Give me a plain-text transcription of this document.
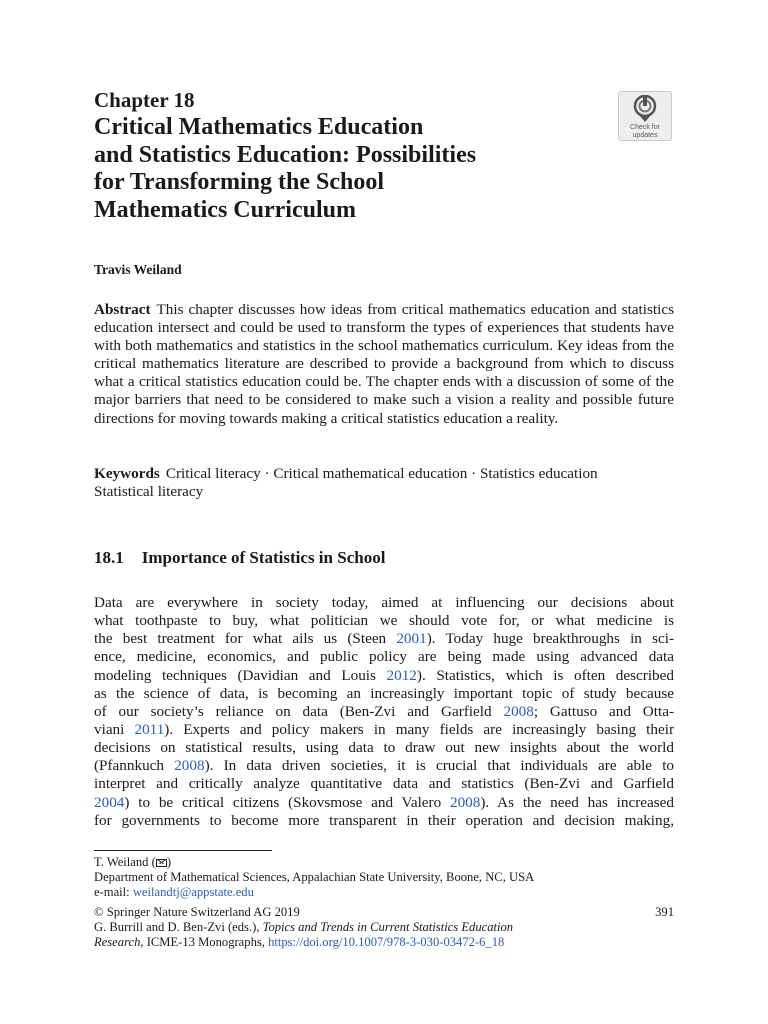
Chapter 18
Critical Mathematics Education
and Statistics Education: Possibilities
for Transforming the School
Mathematics Curriculum
Check for
updates

Travis Weiland

Abstract This chapter discusses how ideas from critical mathematics education and statistics education intersect and could be used to transform the types of experiences that students have with both mathematics and statistics in the school mathematics curriculum. Key ideas from the critical mathematics literature are described to provide a background from which to discuss what a critical statistics education could be. The chapter ends with a discussion of some of the major barriers that need to be considered to make such a vision a reality and possible future directions for moving towards making a critical statistics education a reality.

Keywords Critical literacy · Critical mathematical education · Statistics education
Statistical literacy

18.1 Importance of Statistics in School

Data are everywhere in society today, aimed at influencing our decisions about
what toothpaste to buy, what politician we should vote for, or what medicine is
the best treatment for what ails us (Steen 2001). Today huge breakthroughs in sci-
ence, medicine, economics, and public policy are being made using advanced data
modeling techniques (Davidian and Louis 2012). Statistics, which is often described
as the science of data, is becoming an increasingly important topic of study because
of our society’s reliance on data (Ben-Zvi and Garfield 2008; Gattuso and Otta-
viani 2011). Experts and policy makers in many fields are increasingly basing their
decisions on statistical results, using data to draw out new insights about the world
(Pfannkuch 2008). In data driven societies, it is crucial that individuals are able to
interpret and critically analyze quantitative data and statistics (Ben-Zvi and Garfield
2004) to be critical citizens (Skovsmose and Valero 2008). As the need has increased
for governments to become more transparent in their operation and decision making,

T. Weiland ( )
Department of Mathematical Sciences, Appalachian State University, Boone, NC, USA
e-mail: weilandtj@appstate.edu
© Springer Nature Switzerland AG 2019	391
G. Burrill and D. Ben-Zvi (eds.), Topics and Trends in Current Statistics Education
Research, ICME-13 Monographs, https://doi.org/10.1007/978-3-030-03472-6_18
